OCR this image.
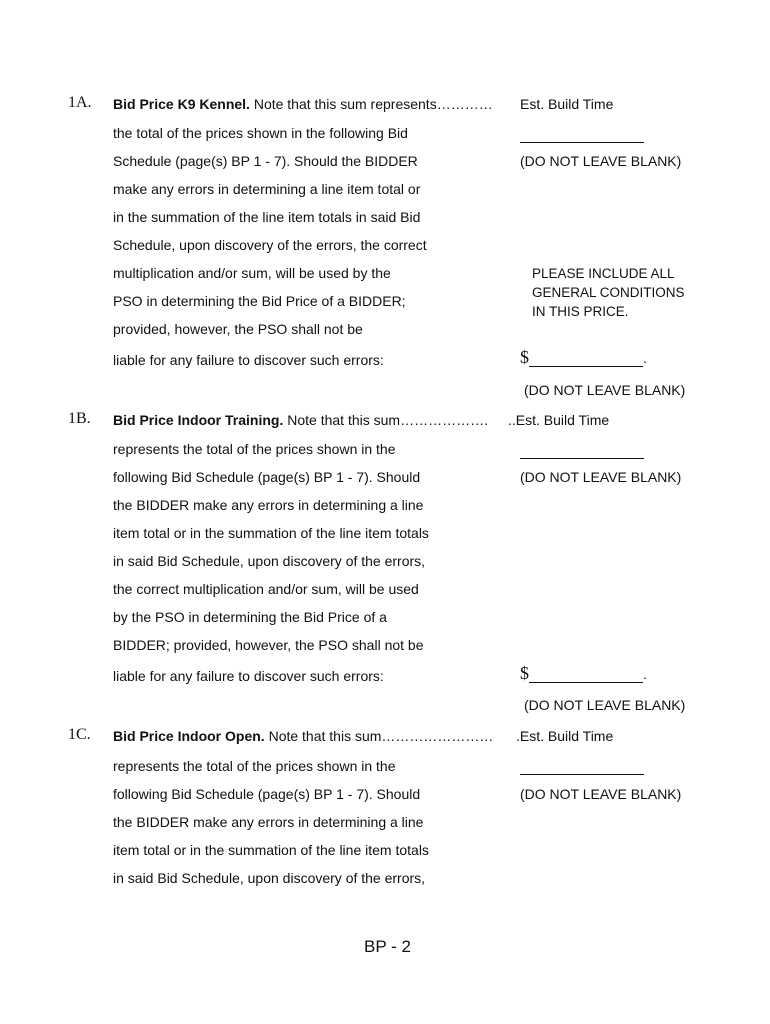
1A. Bid Price K9 Kennel. Note that this sum represents…………
the total of the prices shown in the following Bid
Schedule (page(s) BP 1 - 7). Should the BIDDER
make any errors in determining a line item total or
in the summation of the line item totals in said Bid
Schedule, upon discovery of the errors, the correct
multiplication and/or sum, will be used by the
PSO in determining the Bid Price of a BIDDER;
provided, however, the PSO shall not be
liable for any failure to discover such errors:
Est. Build Time
(DO NOT LEAVE BLANK)
PLEASE INCLUDE ALL
GENERAL CONDITIONS
IN THIS PRICE.
$	.
(DO NOT LEAVE BLANK)
1B. Bid Price Indoor Training. Note that this sum……………….
represents the total of the prices shown in the
following Bid Schedule (page(s) BP 1 - 7). Should
the BIDDER make any errors in determining a line
item total or in the summation of the line item totals
in said Bid Schedule, upon discovery of the errors,
the correct multiplication and/or sum, will be used
by the PSO in determining the Bid Price of a
BIDDER; provided, however, the PSO shall not be
liable for any failure to discover such errors:
..Est. Build Time
(DO NOT LEAVE BLANK)
$	.
(DO NOT LEAVE BLANK)
1C. Bid Price Indoor Open. Note that this sum……………………
represents the total of the prices shown in the
following Bid Schedule (page(s) BP 1 - 7). Should
the BIDDER make any errors in determining a line
item total or in the summation of the line item totals
in said Bid Schedule, upon discovery of the errors,
.Est. Build Time
(DO NOT LEAVE BLANK)
BP - 2
